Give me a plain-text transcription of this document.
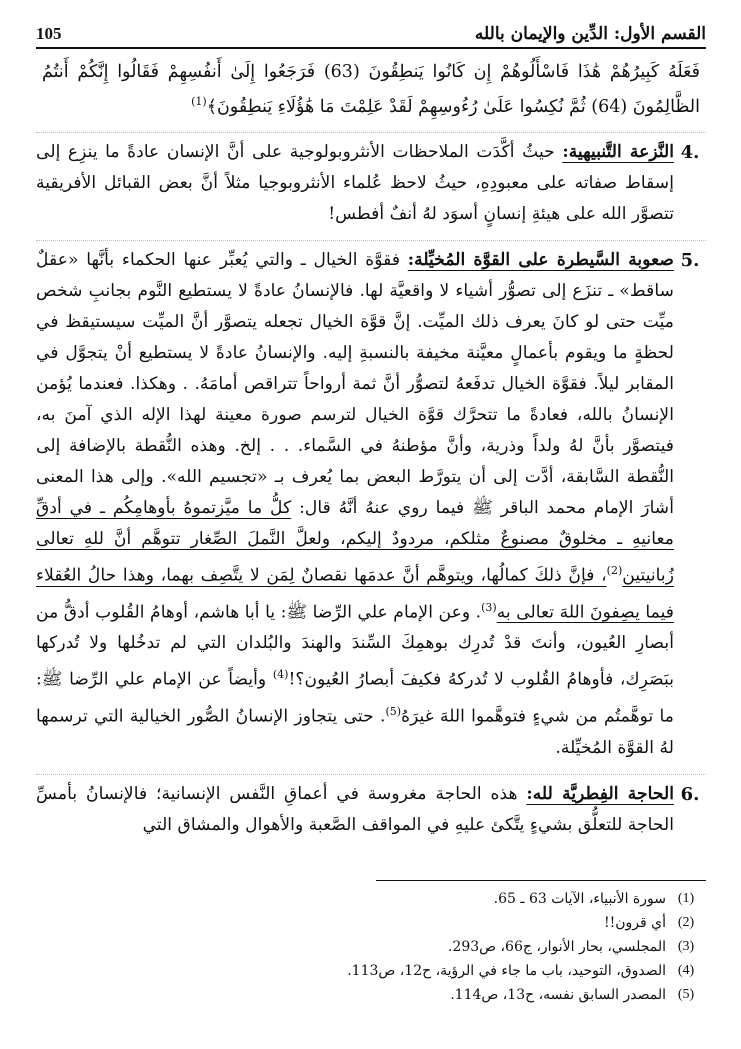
القسم الأول: الدِّين والإيمان بالله
105
فَعَلَهُ كَبِيرُهُمْ هَٰذَا فَاسْأَلُوهُمْ إِن كَانُوا يَنطِقُونَ (63) فَرَجَعُوا إِلَىٰ أَنفُسِهِمْ فَقَالُوا إِنَّكُمْ أَنتُمُ الظَّالِمُونَ (64) ثُمَّ نُكِسُوا عَلَىٰ رُءُوسِهِمْ لَقَدْ عَلِمْتَ مَا هَٰؤُلَاءِ يَنطِقُونَ﴾$^{(1)}$
4.
النَّزعة التَّنبيهية: حيثُ أكَّدَت الملاحظات الأنثروبولوجية على أنَّ الإنسان عادةً ما ينزِع إلى إسقاط صفاته على معبودِهِ، حيثُ لاحظ عُلماء الأنثروبوجيا مثلاً أنَّ بعض القبائل الأفريقية تتصوَّر الله على هيئةِ إنسانٍ أسوَد لهُ أنفٌ أفطس!
5.
صعوبة السَّيطرة على القوَّة المُخيِّلة: فقوَّة الخيال ـ والتي يُعبِّر عنها الحكماء بأنَّها «عقلٌ ساقط» ـ تنزَع إلى تصوُّر أشياء لا واقعيَّة لها. فالإنسانُ عادةً لا يستطيع النَّوم بجانبِ شخص ميِّت حتى لو كانَ يعرف ذلك الميِّت. إنَّ قوَّة الخيال تجعله يتصوَّر أنَّ الميِّت سيستيقظ في لحظةٍ ما ويقوم بأعمالٍ معيَّنة مخيفة بالنسبةِ إليه. والإنسانُ عادةً لا يستطيع أنْ يتجوَّل في المقابر ليلاً. فقوَّة الخيال تدفَعهُ لتصوُّر أنَّ ثمة أرواحاً تتراقص أمامَهُ. . وهكذا. فعندما يُؤمن الإنسانُ بالله، فعادةً ما تتحرَّك قوَّة الخيال لترسم صورة معينة لهذا الإله الذي آمنَ به، فيتصوَّر بأنَّ لهُ ولداً وذرية، وأنَّ مؤطنهُ في السَّماء. . . إلخ. وهذه النُّقطة بالإضافة إلى النُّقطة السَّابقة، أدَّت إلى أن يتورَّط البعض بما يُعرف بـ «تجسيم الله». وإلى هذا المعنى أشارَ الإمام محمد الباقر ﷺ فيما روي عنهُ أنَّهُ قال: كلُّ ما ميَّزتموهُ بأوهامِكُم ـ في أدقِّ معانيهِ ـ مخلوقٌ مصنوعٌ مثلكم، مردودٌ إليكم، ولعلَّ النَّملَ الصِّغار تتوهَّم أنَّ للهِ تعالى زُبانيتين$^{(2)}$، فإنَّ ذلكَ كمالُها، ويتوهَّم أنَّ عدمَها نقصانٌ لِمَن لا يتَّصِف بهما، وهذا حالُ العُقلاء فيما يصِفونَ اللهَ تعالى به$^{(3)}$. وعن الإمام علي الرِّضا ﷺ: يا أبا هاشم، أوهامُ القُلوب أدقُّ من أبصارِ العُيون، وأنتَ قدْ تُدرِك بوهمِكَ السِّندَ والهندَ والبُلدان التي لم تدخُلها ولا تُدركها ببَصَرِك، فأوهامُ القُلوب لا تُدركهُ فكيفَ أبصارُ العُيون؟!$^{(4)}$ وأيضاً عن الإمام علي الرِّضا ﷺ: ما توهَّمتُم من شيءٍ فتوهَّموا اللهَ غيرَهُ$^{(5)}$. حتى يتجاوز الإنسانُ الصُّور الخيالية التي ترسمها لهُ القوَّة المُخيِّلة.
6.
الحاجة الفِطريَّة لله: هذه الحاجة مغروسة في أعماقِ النَّفس الإنسانية؛ فالإنسانُ بأمسِّ الحاجة للتعلُّق بشيءٍ يتَّكئ عليهِ في المواقف الصَّعبة والأهوال والمشاق التي
(1)
سورة الأنبياء، الآيات 63 ـ 65.
(2)
أي قرون!!
(3)
المجلسي، بحار الأنوار، ج66، ص293.
(4)
الصدوق، التوحيد، باب ما جاء في الرؤية، ح12، ص113.
(5)
المصدر السابق نفسه، ح13، ص114.
